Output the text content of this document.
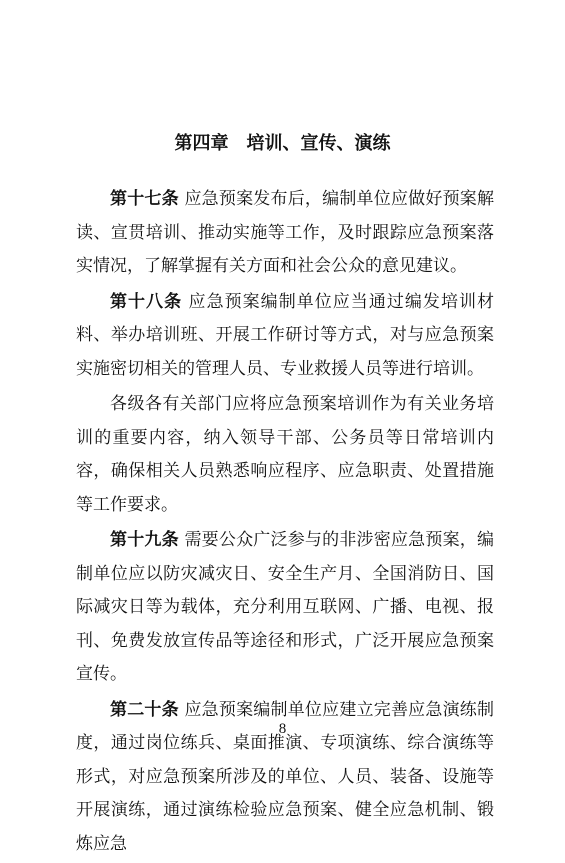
第四章　培训、宣传、演练

第十七条 应急预案发布后，编制单位应做好预案解读、宣贯培训、推动实施等工作，及时跟踪应急预案落实情况，了解掌握有关方面和社会公众的意见建议。

第十八条 应急预案编制单位应当通过编发培训材料、举办培训班、开展工作研讨等方式，对与应急预案实施密切相关的管理人员、专业救援人员等进行培训。

各级各有关部门应将应急预案培训作为有关业务培训的重要内容，纳入领导干部、公务员等日常培训内容，确保相关人员熟悉响应程序、应急职责、处置措施等工作要求。

第十九条 需要公众广泛参与的非涉密应急预案，编制单位应以防灾减灾日、安全生产月、全国消防日、国际减灾日等为载体，充分利用互联网、广播、电视、报刊、免费发放宣传品等途径和形式，广泛开展应急预案宣传。

第二十条 应急预案编制单位应建立完善应急演练制度，通过岗位练兵、桌面推演、专项演练、综合演练等形式，对应急预案所涉及的单位、人员、装备、设施等开展演练，通过演练检验应急预案、健全应急机制、锻炼应急

8
